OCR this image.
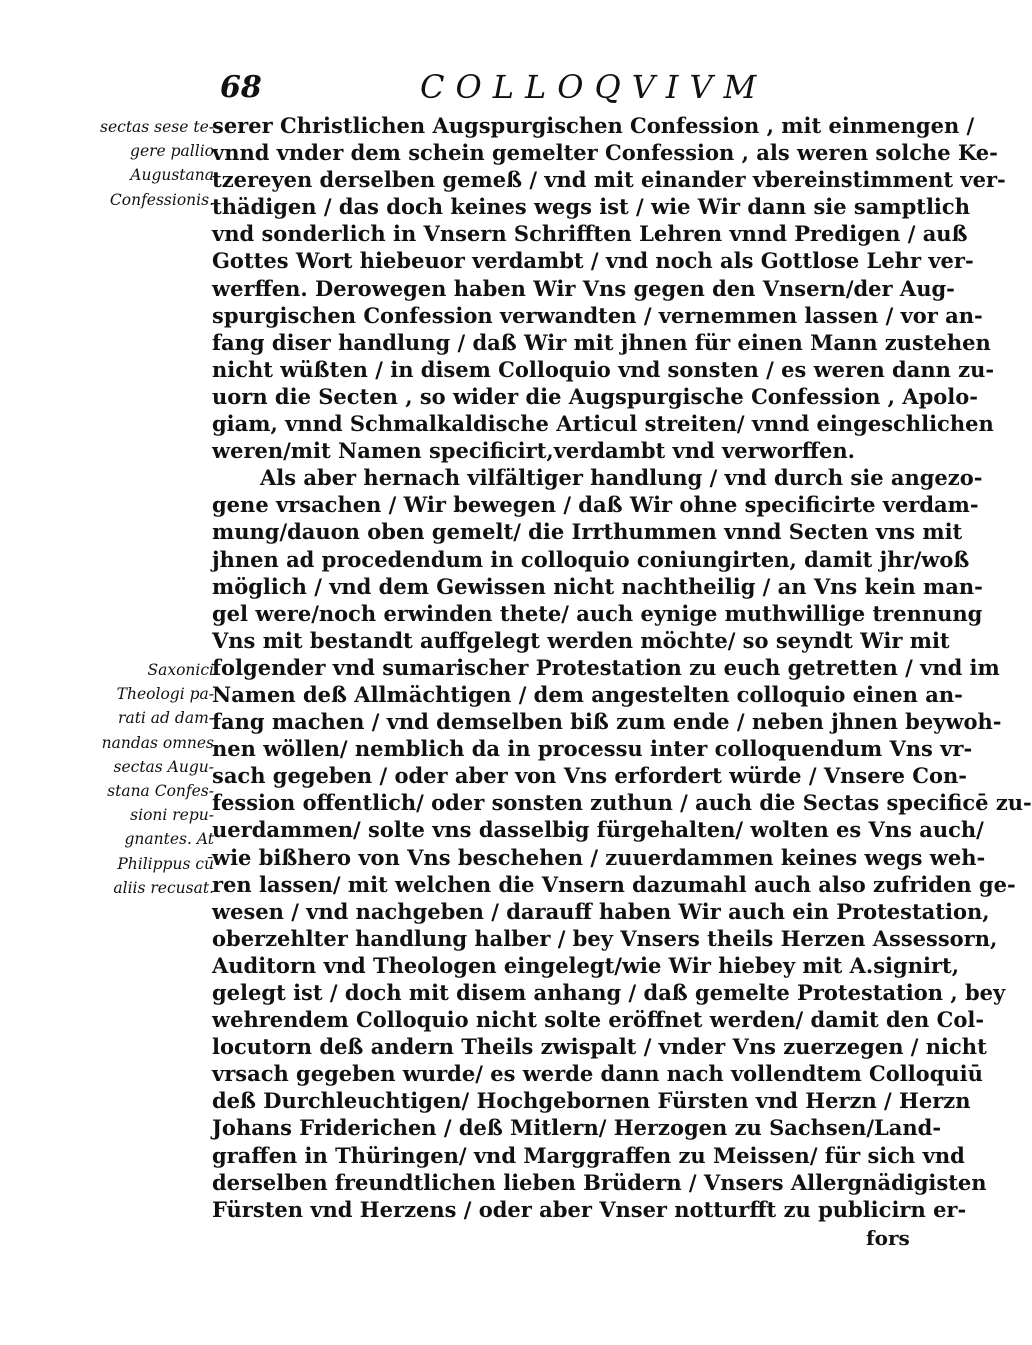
68	COLLOQVIVM
sectas sese te-
gere pallio
Augustana
Confessionis.
Saxonici
Theologi pa-
rati ad dam-
nandas omnes
sectas Augu-
stana Confes-
sioni repu-
gnantes. At
Philippus cū
aliis recusat.
serer Christlichen Augspurgischen Confession , mit einmengen /
vnnd vnder dem schein gemelter Confession , als weren solche Ke-
tzereyen derselben gemeß / vnd mit einander vbereinstimment ver-
thädigen / das doch keines wegs ist / wie Wir dann sie samptlich
vnd sonderlich in Vnsern Schrifften Lehren vnnd Predigen / auß
Gottes Wort hiebeuor verdambt / vnd noch als Gottlose Lehr ver-
werffen. Derowegen haben Wir Vns gegen den Vnsern/der Aug-
spurgischen Confession verwandten / vernemmen lassen / vor an-
fang diser handlung / daß Wir mit jhnen für einen Mann zustehen
nicht wüßten / in disem Colloquio vnd sonsten / es weren dann zu-
uorn die Secten , so wider die Augspurgische Confession , Apolo-
giam, vnnd Schmalkaldische Articul streiten/ vnnd eingeschlichen
weren/mit Namen specificirt,verdambt vnd verworffen.
Als aber hernach vilfältiger handlung / vnd durch sie angezo-
gene vrsachen / Wir bewegen / daß Wir ohne specificirte verdam-
mung/dauon oben gemelt/ die Irrthummen vnnd Secten vns mit
jhnen ad procedendum in colloquio coniungirten, damit jhr/woß
möglich / vnd dem Gewissen nicht nachtheilig / an Vns kein man-
gel were/noch erwinden thete/ auch eynige muthwillige trennung
Vns mit bestandt auffgelegt werden möchte/ so seyndt Wir mit
folgender vnd sumarischer Protestation zu euch getretten / vnd im
Namen deß Allmächtigen / dem angestelten colloquio einen an-
fang machen / vnd demselben biß zum ende / neben jhnen beywoh-
nen wöllen/ nemblich da in processu inter colloquendum Vns vr-
sach gegeben / oder aber von Vns erfordert würde / Vnsere Con-
fession offentlich/ oder sonsten zuthun / auch die Sectas specificē zu-
uerdammen/ solte vns dasselbig fürgehalten/ wolten es Vns auch/
wie bißhero von Vns beschehen / zuuerdammen keines wegs weh-
ren lassen/ mit welchen die Vnsern dazumahl auch also zufriden ge-
wesen / vnd nachgeben / darauff haben Wir auch ein Protestation,
oberzehlter handlung halber / bey Vnsers theils Herzen Assessorn,
Auditorn vnd Theologen eingelegt/wie Wir hiebey mit A.signirt,
gelegt ist / doch mit disem anhang / daß gemelte Protestation , bey
wehrendem Colloquio nicht solte eröffnet werden/ damit den Col-
locutorn deß andern Theils zwispalt / vnder Vns zuerzegen / nicht
vrsach gegeben wurde/ es werde dann nach vollendtem Colloquiū
deß Durchleuchtigen/ Hochgebornen Fürsten vnd Herzn / Herzn
Johans Friderichen / deß Mitlern/ Herzogen zu Sachsen/Land-
graffen in Thüringen/ vnd Marggraffen zu Meissen/ für sich vnd
derselben freundtlichen lieben Brüdern / Vnsers Allergnädigisten
Fürsten vnd Herzens / oder aber Vnser notturfft zu publicirn er-
fors
